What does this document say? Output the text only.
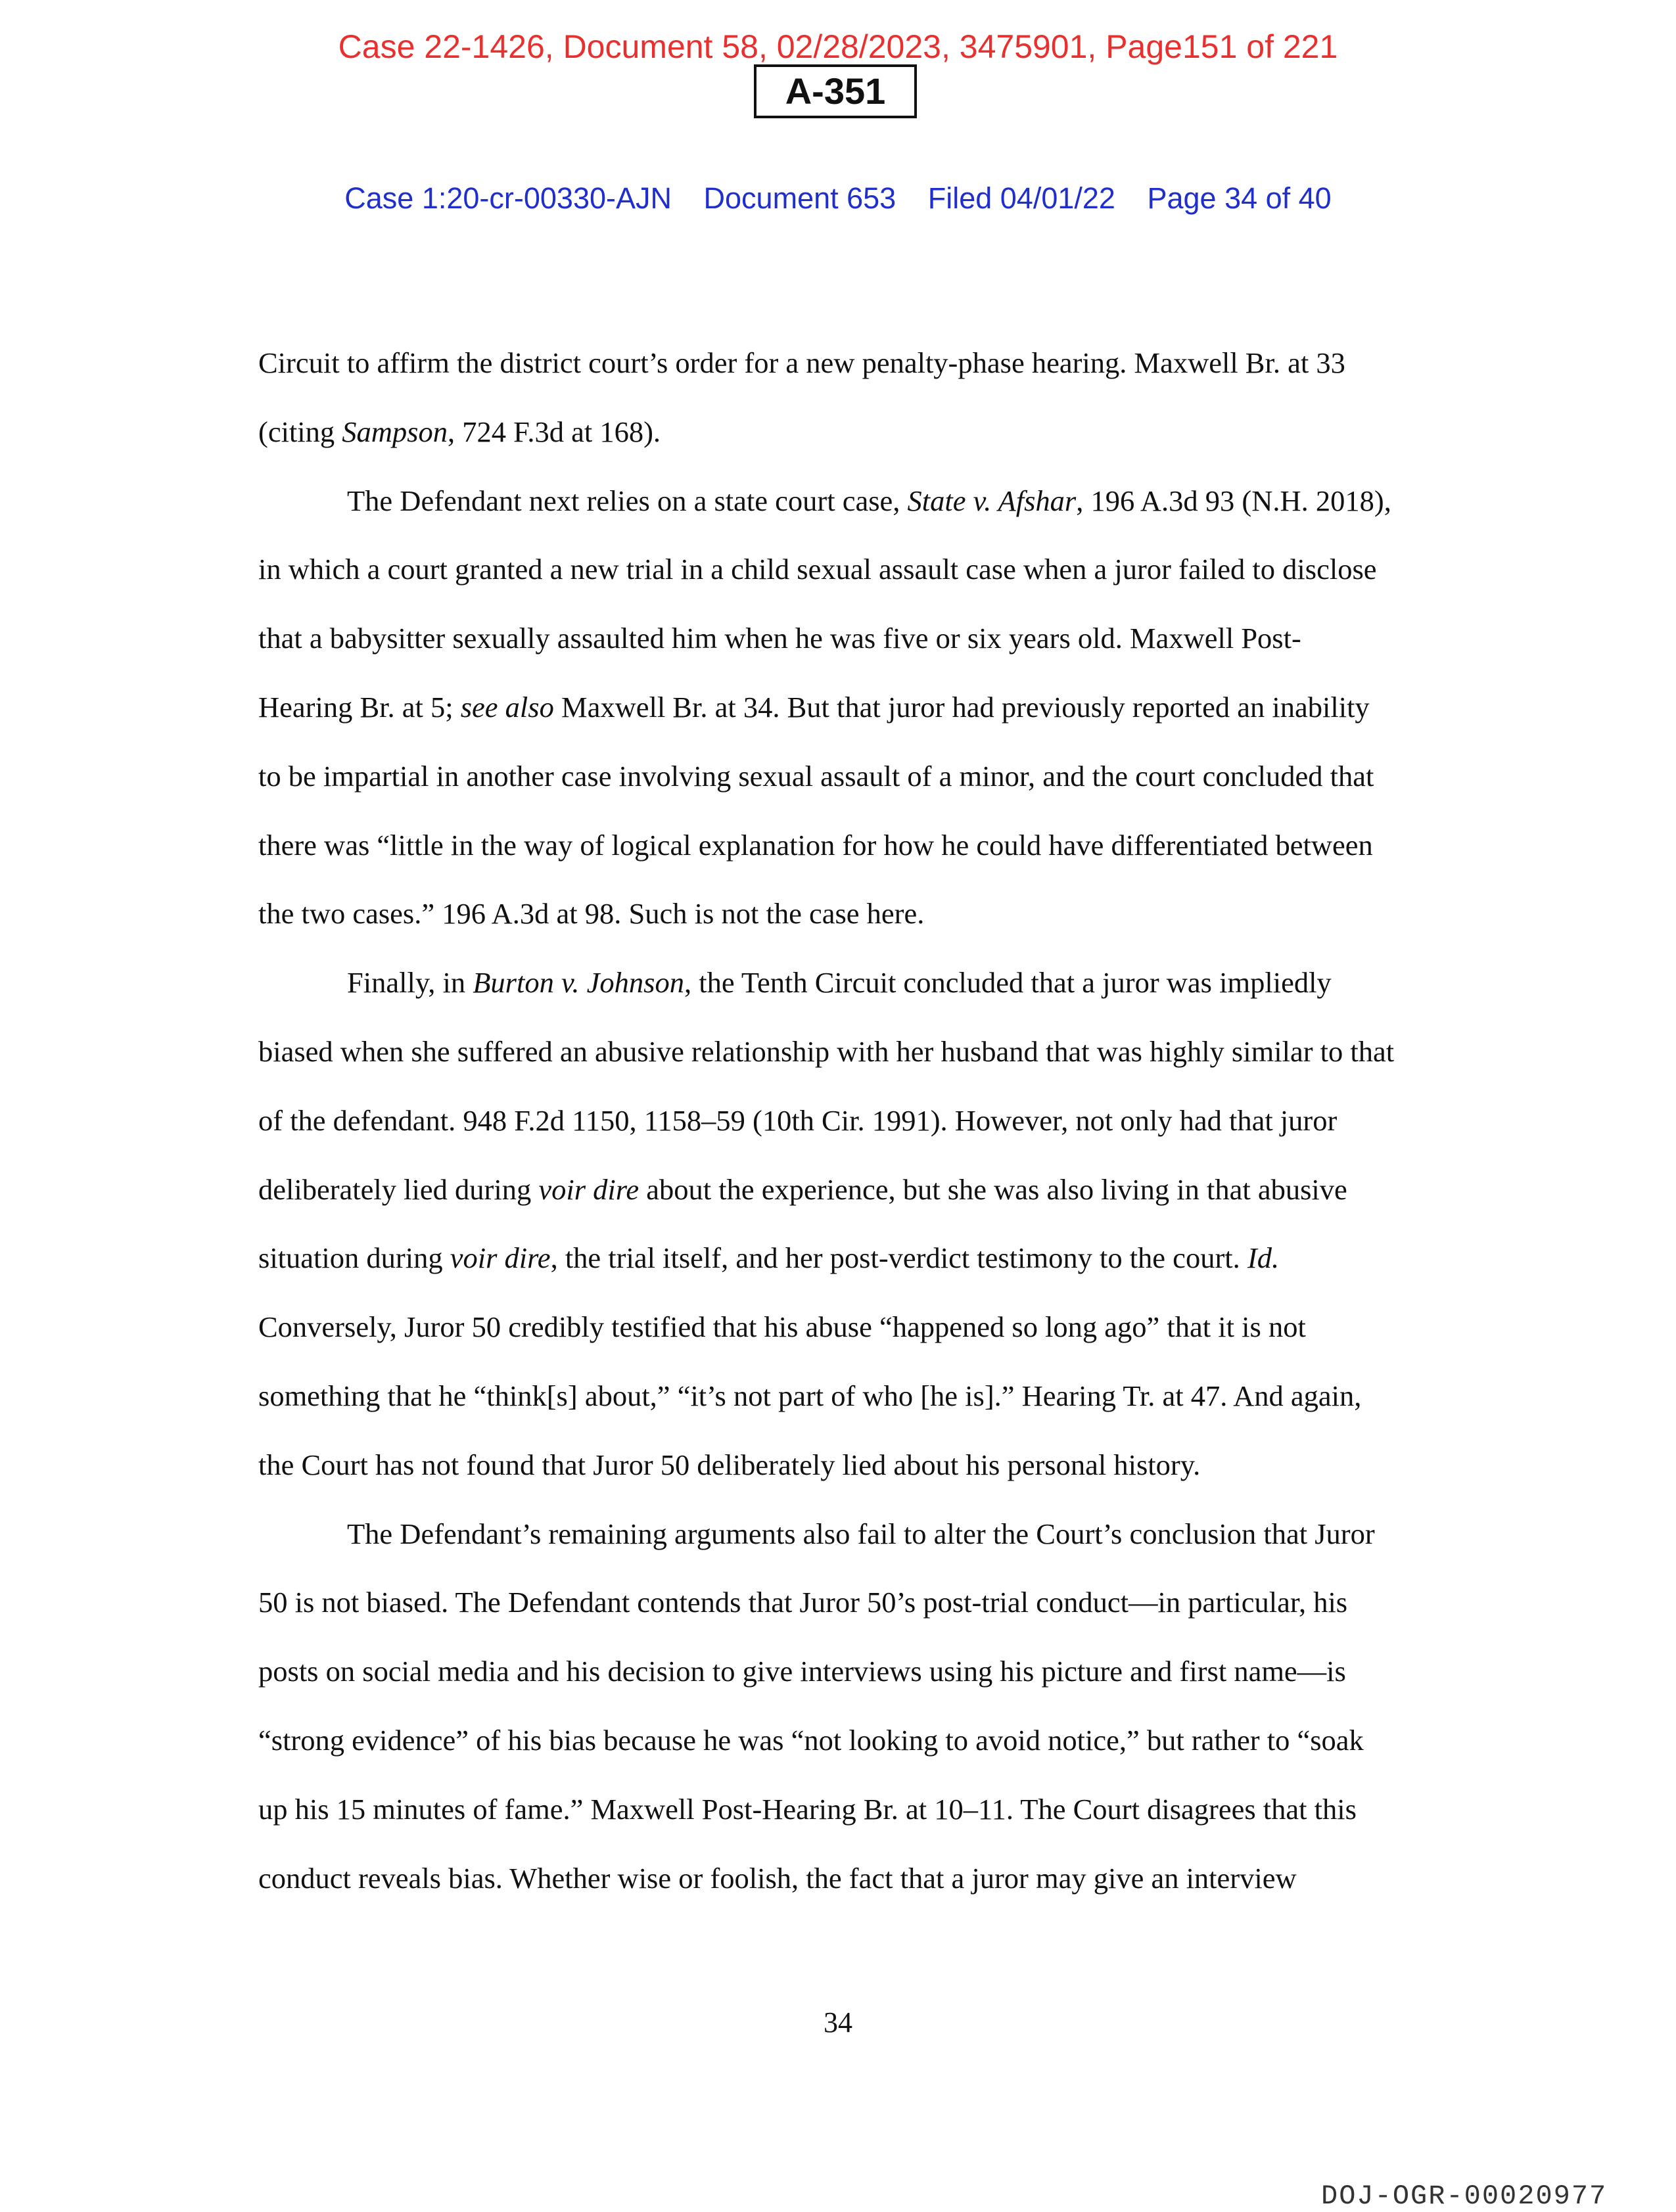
Case 22-1426, Document 58, 02/28/2023, 3475901, Page151 of 221
A-351
Case 1:20-cr-00330-AJN Document 653 Filed 04/01/22 Page 34 of 40

Circuit to affirm the district court’s order for a new penalty-phase hearing. Maxwell Br. at 33

(citing Sampson, 724 F.3d at 168).

The Defendant next relies on a state court case, State v. Afshar, 196 A.3d 93 (N.H. 2018),

in which a court granted a new trial in a child sexual assault case when a juror failed to disclose

that a babysitter sexually assaulted him when he was five or six years old. Maxwell Post-

Hearing Br. at 5; see also Maxwell Br. at 34. But that juror had previously reported an inability

to be impartial in another case involving sexual assault of a minor, and the court concluded that

there was “little in the way of logical explanation for how he could have differentiated between

the two cases.” 196 A.3d at 98. Such is not the case here.

Finally, in Burton v. Johnson, the Tenth Circuit concluded that a juror was impliedly

biased when she suffered an abusive relationship with her husband that was highly similar to that

of the defendant. 948 F.2d 1150, 1158–59 (10th Cir. 1991). However, not only had that juror

deliberately lied during voir dire about the experience, but she was also living in that abusive

situation during voir dire, the trial itself, and her post-verdict testimony to the court. Id.

Conversely, Juror 50 credibly testified that his abuse “happened so long ago” that it is not

something that he “think[s] about,” “it’s not part of who [he is].” Hearing Tr. at 47. And again,

the Court has not found that Juror 50 deliberately lied about his personal history.

The Defendant’s remaining arguments also fail to alter the Court’s conclusion that Juror

50 is not biased. The Defendant contends that Juror 50’s post-trial conduct—in particular, his

posts on social media and his decision to give interviews using his picture and first name—is

“strong evidence” of his bias because he was “not looking to avoid notice,” but rather to “soak

up his 15 minutes of fame.” Maxwell Post-Hearing Br. at 10–11. The Court disagrees that this

conduct reveals bias. Whether wise or foolish, the fact that a juror may give an interview

34
DOJ-OGR-00020977
